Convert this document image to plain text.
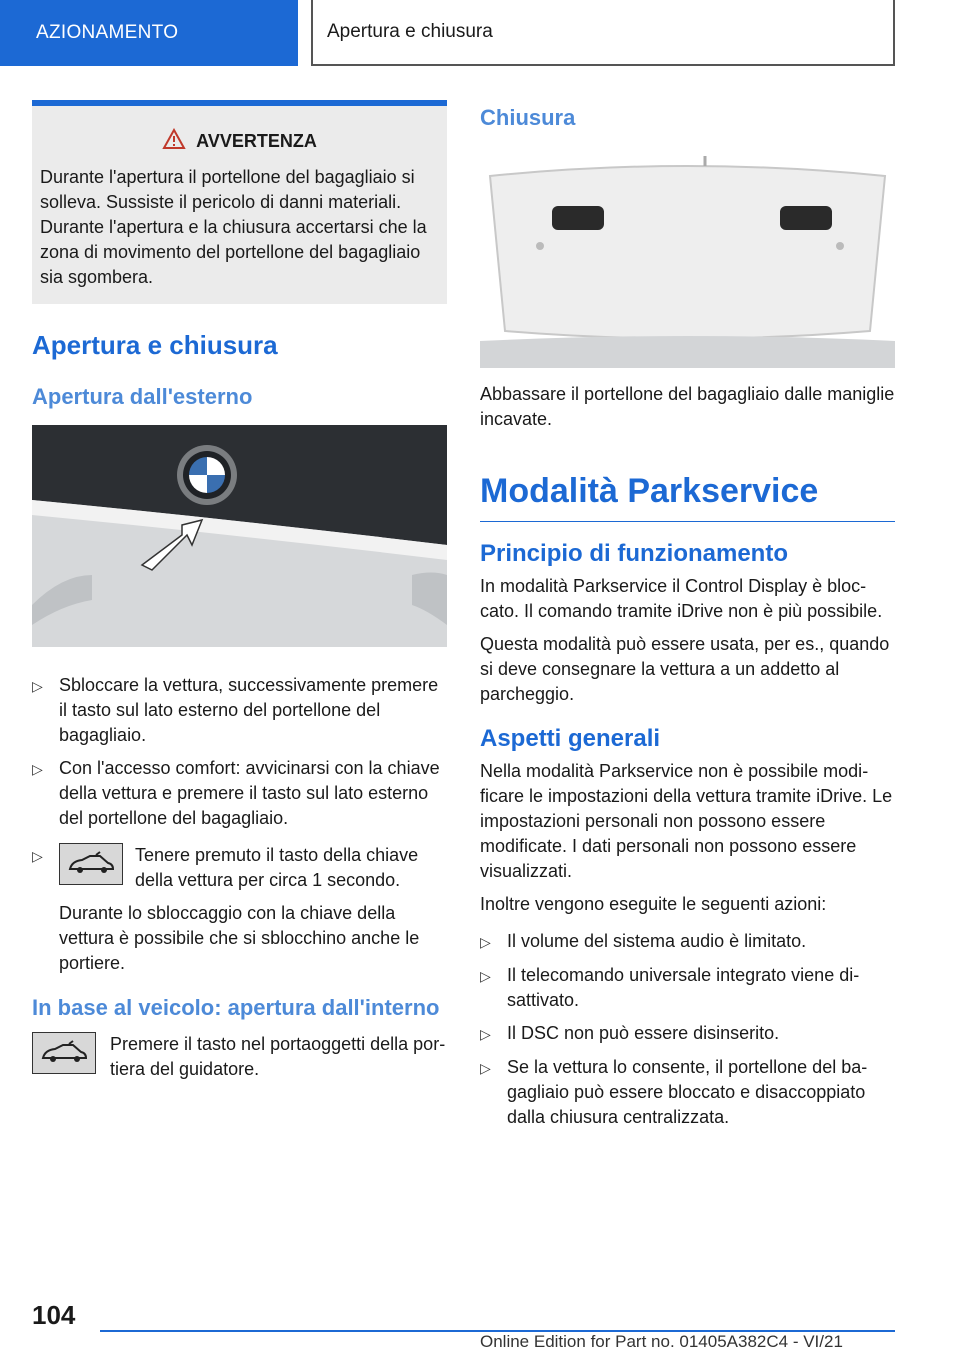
AZIONAMENTO	Apertura e chiusura
AVVERTENZA
Durante l'apertura il portellone del bagagliaio si solleva. Sussiste il pericolo di danni materiali. Durante l'apertura e la chiusura accertarsi che la zona di movimento del portellone del bagagliaio sia sgombera.
Apertura e chiusura
Apertura dall'esterno
▷ Sbloccare la vettura, successivamente premere il tasto sul lato esterno del portellone del bagagliaio.
▷ Con l'accesso comfort: avvicinarsi con la chiave della vettura e premere il tasto sul lato esterno del portellone del bagagliaio.
▷	Tenere premuto il tasto della chiave della vettura per circa 1 secondo.
Durante lo sbloccaggio con la chiave della vettura è possibile che si sblocchino anche le portiere.
In base al veicolo: apertura dall'interno
Premere il tasto nel portaoggetti della portiera del guidatore.
Chiusura

Abbassare il portellone del bagagliaio dalle maniglie incavate.

Modalità Parkservice
Principio di funzionamento

In modalità Parkservice il Control Display è bloccato. Il comando tramite iDrive non è più possibile.

Questa modalità può essere usata, per es., quando si deve consegnare la vettura a un addetto al parcheggio.

Aspetti generali

Nella modalità Parkservice non è possibile modificare le impostazioni della vettura tramite iDrive. Le impostazioni personali non possono essere modificate. I dati personali non possono essere visualizzati.

Inoltre vengono eseguite le seguenti azioni:

▷ Il volume del sistema audio è limitato.
▷ Il telecomando universale integrato viene disattivato.
▷ Il DSC non può essere disinserito.
▷ Se la vettura lo consente, il portellone del bagagliaio può essere bloccato e disaccoppiato dalla chiusura centralizzata.
104
Online Edition for Part no. 01405A382C4 - VI/21
